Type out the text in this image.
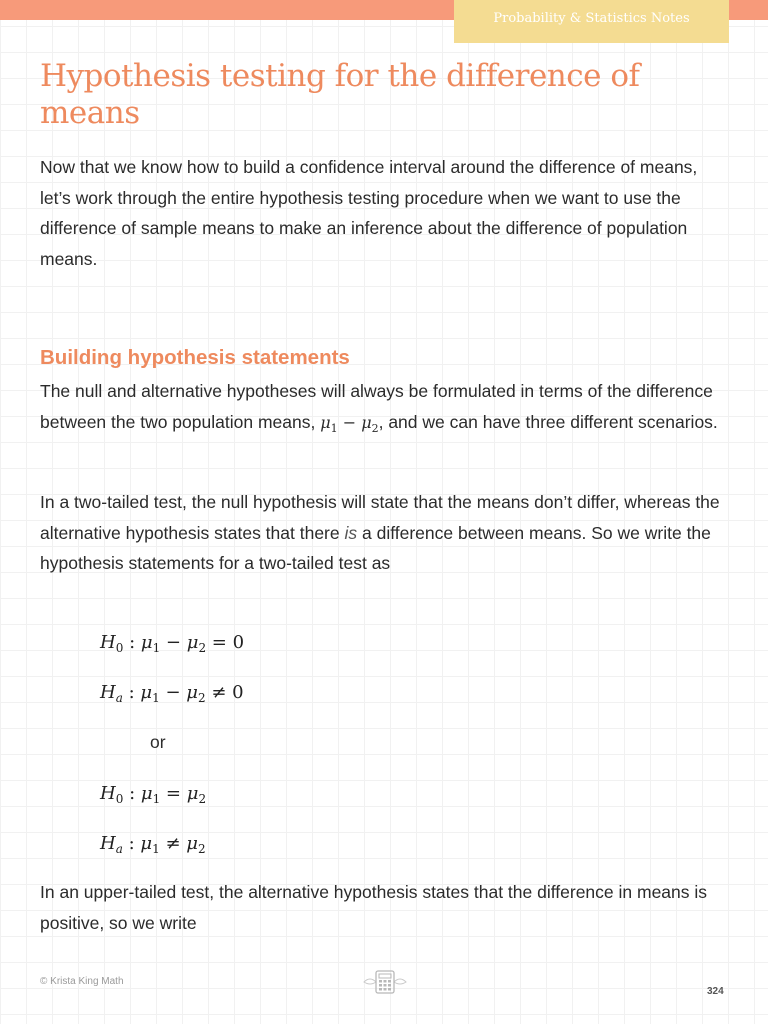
Probability & Statistics Notes
Hypothesis testing for the difference of means

Now that we know how to build a confidence interval around the difference of means, let’s work through the entire hypothesis testing procedure when we want to use the difference of sample means to make an inference about the difference of population means.

Building hypothesis statements

The null and alternative hypotheses will always be formulated in terms of the difference between the two population means, $\mu_1 - \mu_2$, and we can have three different scenarios.

In a two-tailed test, the null hypothesis will state that the means don’t differ, whereas the alternative hypothesis states that there is a difference between means. So we write the hypothesis statements for a two-tailed test as

$H_0$ : $\mu_1 - \mu_2 = 0$
$H_a$ : $\mu_1 - \mu_2 \ne 0$
or
$H_0$ : $\mu_1 = \mu_2$
$H_a$ : $\mu_1 \ne \mu_2$

In an upper-tailed test, the alternative hypothesis states that the difference in means is positive, so we write

© Krista King Math
324
